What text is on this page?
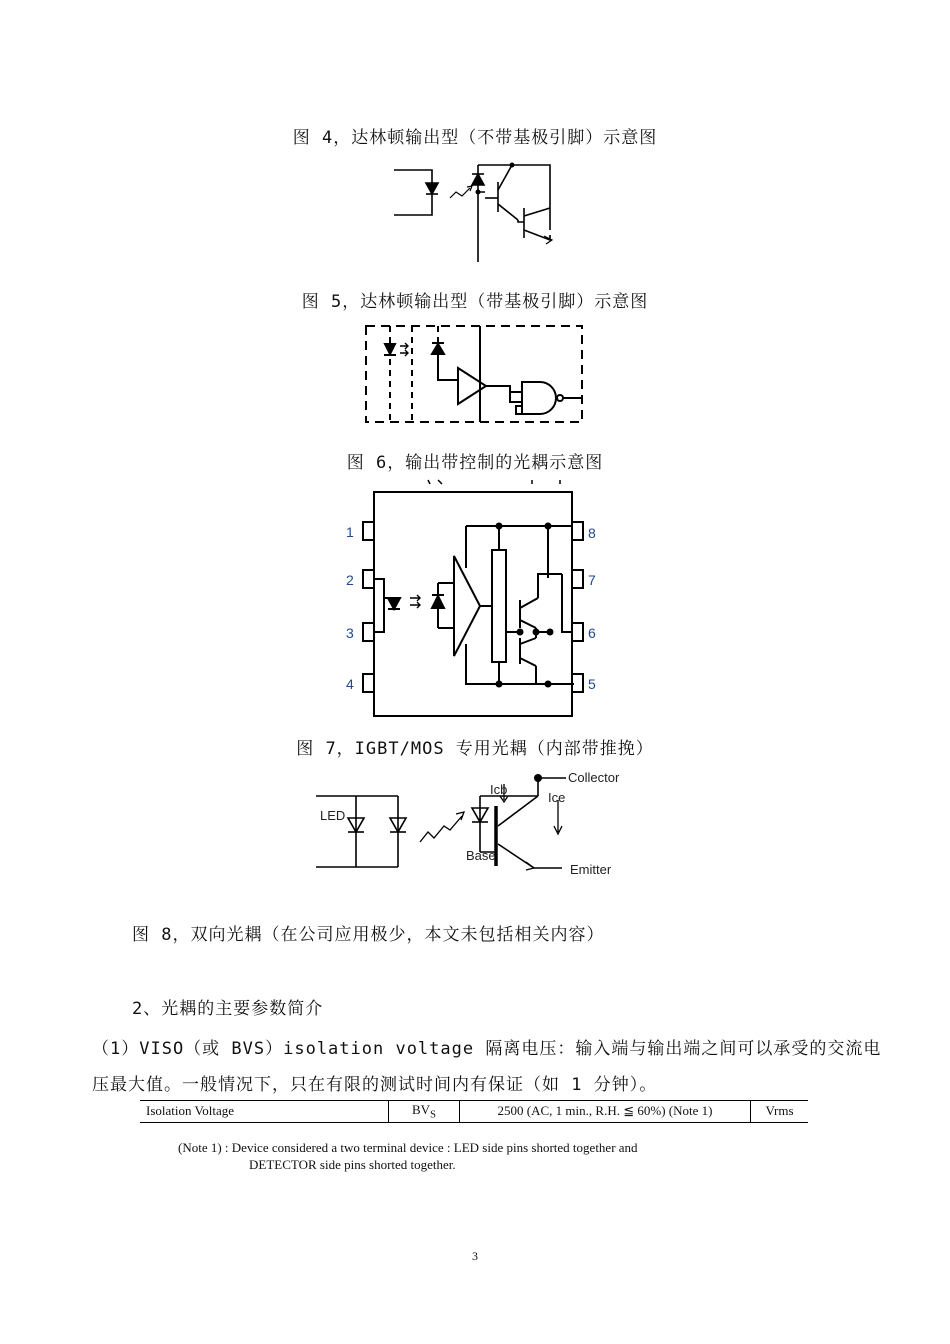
图 4，达林顿输出型（不带基极引脚）示意图
图 5，达林顿输出型（带基极引脚）示意图
图 6，输出带控制的光耦示意图
1
2
3
4	5
6
7
8
图 7，IGBT/MOS 专用光耦（内部带推挽）
LED
Icb
Ice
Collector
Base
Emitter
图 8，双向光耦（在公司应用极少，本文未包括相关内容）
2、光耦的主要参数简介
（1）VISO（或 BVS）isolation voltage 隔离电压：输入端与输出端之间可以承受的交流电
压最大值。一般情况下，只在有限的测试时间内有保证（如 1 分钟）。
Isolation Voltage	$BV_S$	2500 (AC, 1 min., R.H. ≦ 60%) (Note 1)	Vrms
(Note 1) : Device considered a two terminal device : LED side pins shorted together and
DETECTOR side pins shorted together.
3
